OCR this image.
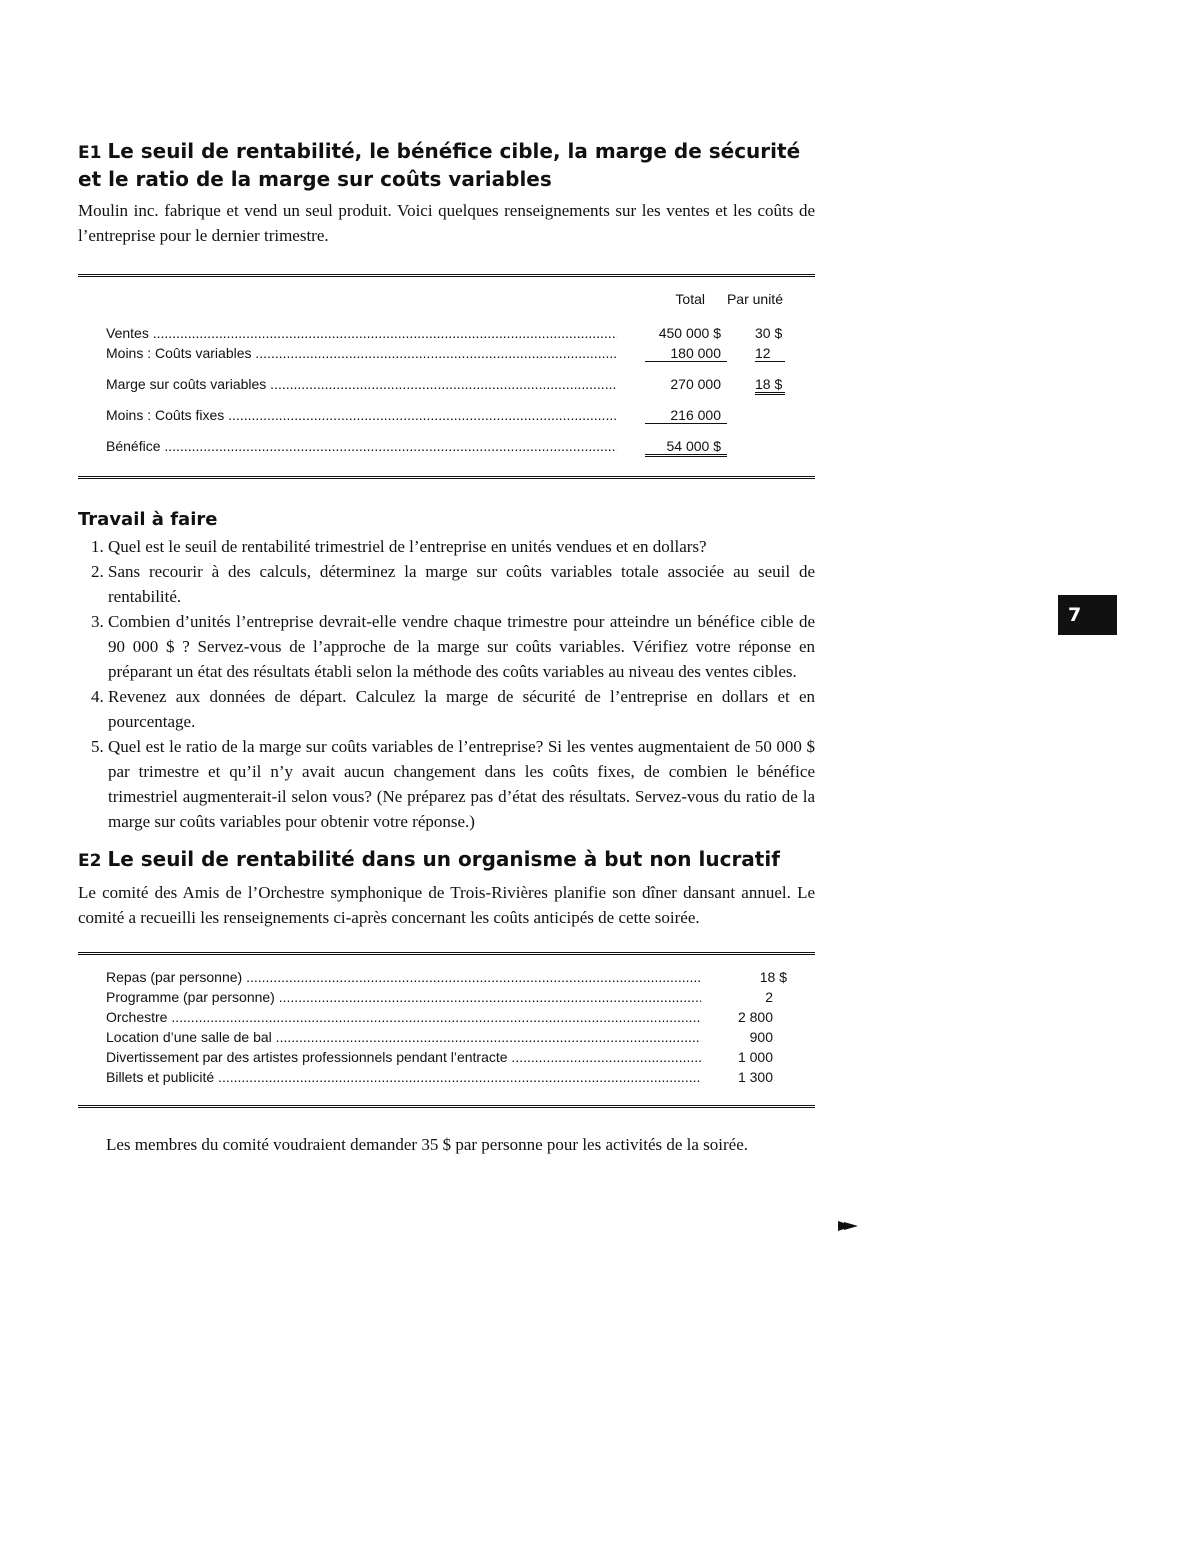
E1 Le seuil de rentabilité, le bénéfice cible, la marge de sécurité et le ratio de la marge sur coûts variables

Moulin inc. fabrique et vend un seul produit. Voici quelques renseignements sur les ventes et les coûts de l’entreprise pour le dernier trimestre.

Total	Par unité
Ventes .....	450 000 $	30 $
Moins : Coûts variables .....	180 000	12
Marge sur coûts variables .....	270 000	18 $
Moins : Coûts fixes .....	216 000
Bénéfice .....	54 000 $
Travail à faire
1. Quel est le seuil de rentabilité trimestriel de l’entreprise en unités vendues et en dollars?
2. Sans recourir à des calculs, déterminez la marge sur coûts variables totale associée au seuil de rentabilité.
3. Combien d’unités l’entreprise devrait-elle vendre chaque trimestre pour atteindre un bénéfice cible de 90 000 $ ? Servez-vous de l’approche de la marge sur coûts variables. Vérifiez votre réponse en préparant un état des résultats établi selon la méthode des coûts variables au niveau des ventes cibles.
4. Revenez aux données de départ. Calculez la marge de sécurité de l’entreprise en dollars et en pourcentage.
5. Quel est le ratio de la marge sur coûts variables de l’entreprise? Si les ventes augmentaient de 50 000 $ par trimestre et qu’il n’y avait aucun changement dans les coûts fixes, de combien le bénéfice trimestriel augmenterait-il selon vous? (Ne préparez pas d’état des résultats. Servez-vous du ratio de la marge sur coûts variables pour obtenir votre réponse.)
E2 Le seuil de rentabilité dans un organisme à but non lucratif

Le comité des Amis de l’Orchestre symphonique de Trois-Rivières planifie son dîner dansant annuel. Le comité a recueilli les renseignements ci-après concernant les coûts anticipés de cette soirée.

Repas (par personne) .....	18 $
Programme (par personne) .....	2
Orchestre .....	2 800
Location d’une salle de bal .....	900
Divertissement par des artistes professionnels pendant l’entracte .....	1 000
Billets et publicité .....	1 300

Les membres du comité voudraient demander 35 $ par personne pour les activités de la soirée.

7
